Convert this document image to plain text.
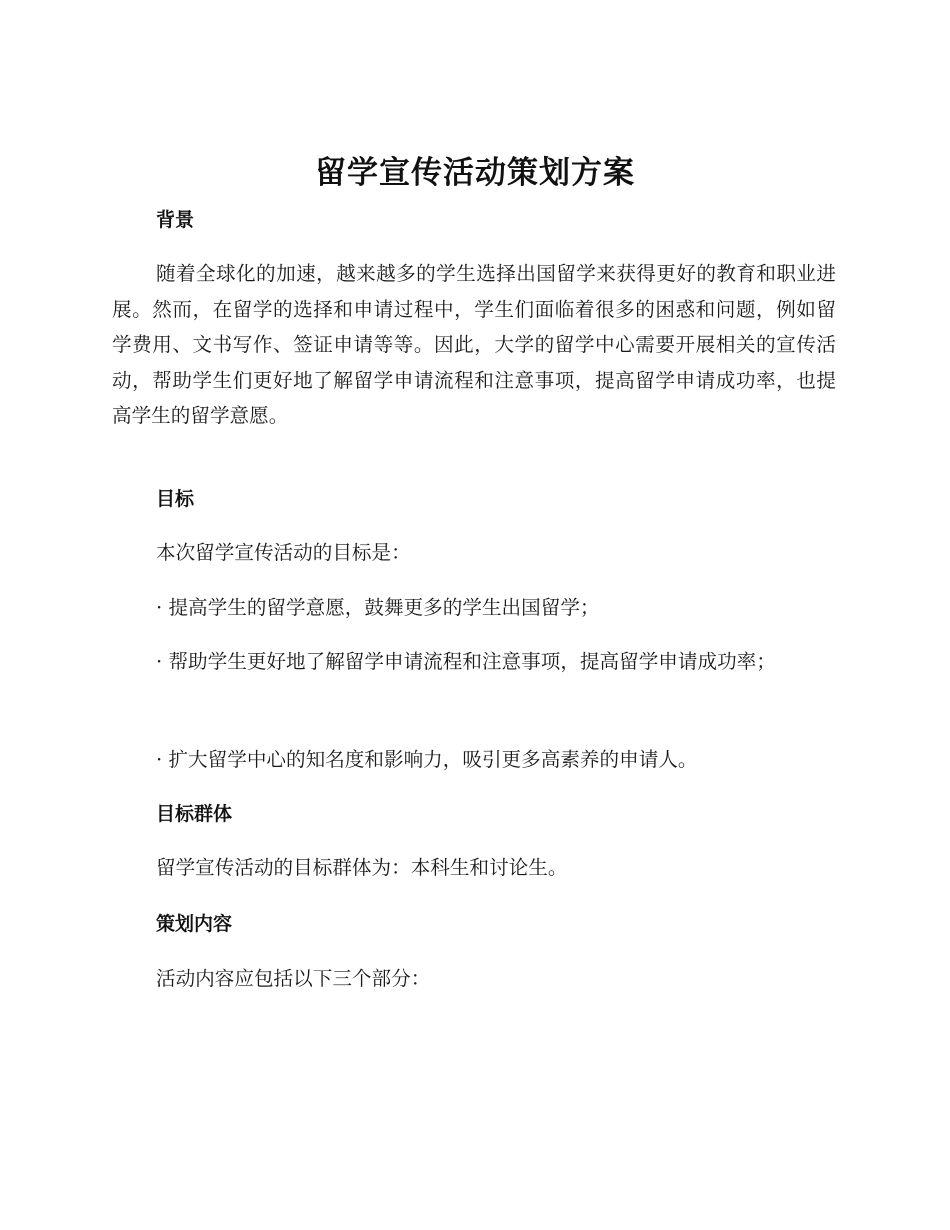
留学宣传活动策划方案
背景

随着全球化的加速，越来越多的学生选择出国留学来获得更好的教育和职业进展。然而，在留学的选择和申请过程中，学生们面临着很多的困惑和问题，例如留学费用、文书写作、签证申请等等。因此，大学的留学中心需要开展相关的宣传活动，帮助学生们更好地了解留学申请流程和注意事项，提高留学申请成功率，也提高学生的留学意愿。

目标
本次留学宣传活动的目标是：
· 提高学生的留学意愿，鼓舞更多的学生出国留学；

· 帮助学生更好地了解留学申请流程和注意事项，提高留学申请成功率；

· 扩大留学中心的知名度和影响力，吸引更多高素养的申请人。
目标群体
留学宣传活动的目标群体为：本科生和讨论生。
策划内容
活动内容应包括以下三个部分：
